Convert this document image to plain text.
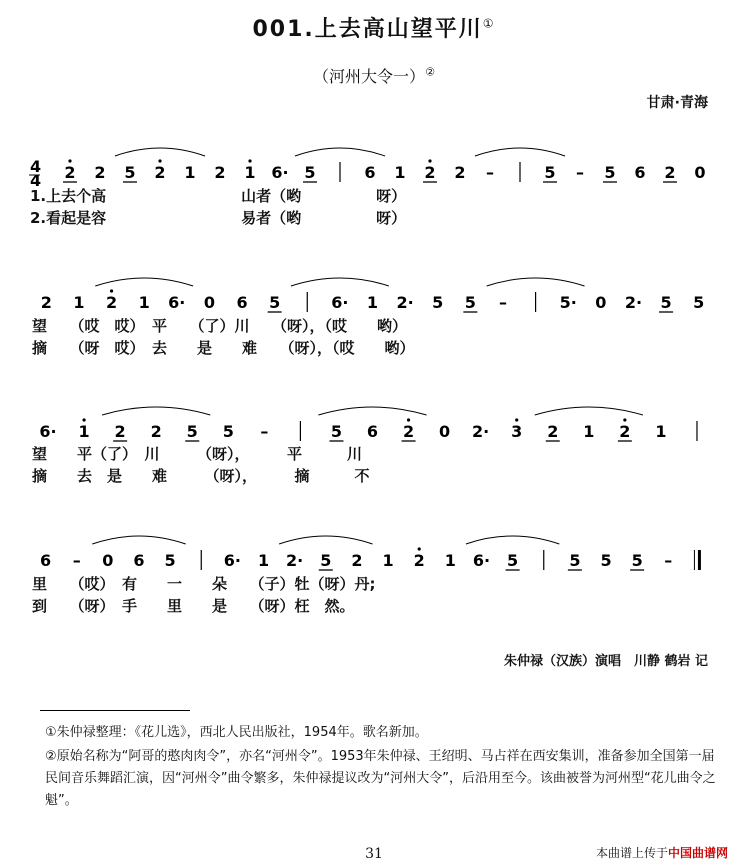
001.上去高山望平川①
（河州大令一）②
甘肃·青海
4
4 2 2 5 2 1 2 1 6· 5	6 1 2 2 –	5 – 5 6 2 0
2 1 2 1 6· 0 6 5	6· 1 2· 5 5 –	5· 0 2· 5 5
6· 1 2 2 5 5 –	5 6 2 0 2· 3 2 1 2 1
6 – 0 6 5	6· 1 2· 5 2 1 2 1 6· 5	5 5 5 –
1.上去个高　　　　　　　　　山者（哟　　　　　呀）
2.看起是容　　　　　　　　　易者（哟　　　　　呀）
望　　（哎　哎）　平　　（了）川　　（呀），（哎　　哟）
摘　　（呀　哎）　去　　是　　难　　（呀），（哎　　哟）
望　　平（了）　川　　　（呀），　　　平　　　川
摘　　去　是　　难　　　（呀），　　　摘　　　不
里　　（哎）　有　　一　　朵　　（子）牡（呀）丹;
到　　（呀）　手　　里　　是　　（呀）枉　然。
朱仲禄（汉族）演唱　川静 鹤岩 记
①朱仲禄整理：《花儿选》，西北人民出版社，1954年。歌名新加。
②原始名称为“阿哥的憨肉肉令”，亦名“河州令”。1953年朱仲禄、王绍明、马占祥在西安集训，准备参加全国第一届民间音乐舞蹈汇演，因“河州令”曲令繁多，朱仲禄提议改为“河州大令”，后沿用至今。该曲被誉为河州型“花儿曲令之魁”。
31	本曲谱上传于中国曲谱网
